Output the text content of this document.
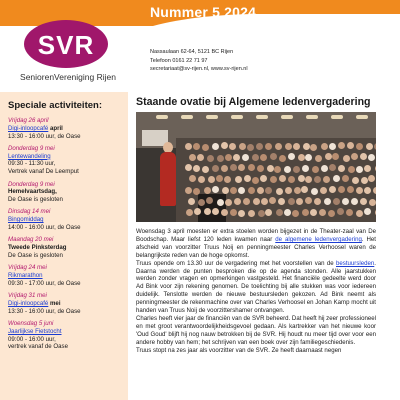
Nummer 5 2024
SVR
SeniorenVereniging Rijen
Nassaulaan 62-64, 5121 BC Rijen
Telefoon 0161 22 71 97
secretariaat@sv-rijen.nl, www.sv-rijen.nl
Speciale activiteiten:
Vrijdag 26 april
Digi-inloopcafé april
13:30 - 16:00 uur, de Oase
Donderdag 9 mei
Lentewandeling
09:30 - 11:30 uur,
Vertrek vanaf De Leemput
Donderdag 9 mei
Hemelvaartsdag,
De Oase is gesloten
Dinsdag 14 mei
Bingomiddag
14:00 - 16:00 uur, de Oase
Maandag 20 mei
Tweede Pinksterdag
De Oase is gesloten
Vrijdag 24 mei
Rikmarathon
09:30 - 17:00 uur, de Oase
Vrijdag 31 mei
Digi-inloopcafé mei
13:30 - 16:00 uur, de Oase
Woensdag 5 juni
Jaarlijkse Fietstocht
09:00 - 16:00 uur,
vertrek vanaf de Oase
Staande ovatie bij Algemene ledenvergadering

Woensdag 3 april moesten er extra stoelen worden bijgezet in de Theater-zaal van De Boodschap. Maar liefst 120 leden kwamen naar de algemene ledenvergadering. Het afscheid van voorzitter Truus Noij en penningmeester Charles Verhoosel waren de belangrijkste reden van de hoge opkomst.

Truus opende om 13.30 uur de vergadering met het voorstellen van de bestuursleden. Daarna werden de punten besproken die op de agenda stonden. Alle jaarstukken werden zonder vragen en opmerkingen vastgesteld. Het financiële gedeelte werd door Ad Bink voor zijn rekening genomen. De toelichting bij alle stukken was voor iedereen duidelijk. Tenslotte werden de nieuwe bestuursleden gekozen. Ad Bink neemt als penningmeester de rekenmachine over van Charles Verhoosel en Johan Kamp mocht uit handen van Truus Noij de voorzittershamer ontvangen.

Charles heeft vier jaar de financiën van de SVR beheerd. Dat heeft hij zeer professioneel en met groot verantwoordelijkheidsgevoel gedaan. Als kartrekker van het nieuwe koor 'Oud Goud' blijft hij nog nauw betrokken bij de SVR. Hij houdt nu meer tijd over voor een andere hobby van hem; het schrijven van een boek over zijn familiegeschiedenis.

Truus stopt na zes jaar als voorzitter van de SVR. Ze heeft daarnaast negen
